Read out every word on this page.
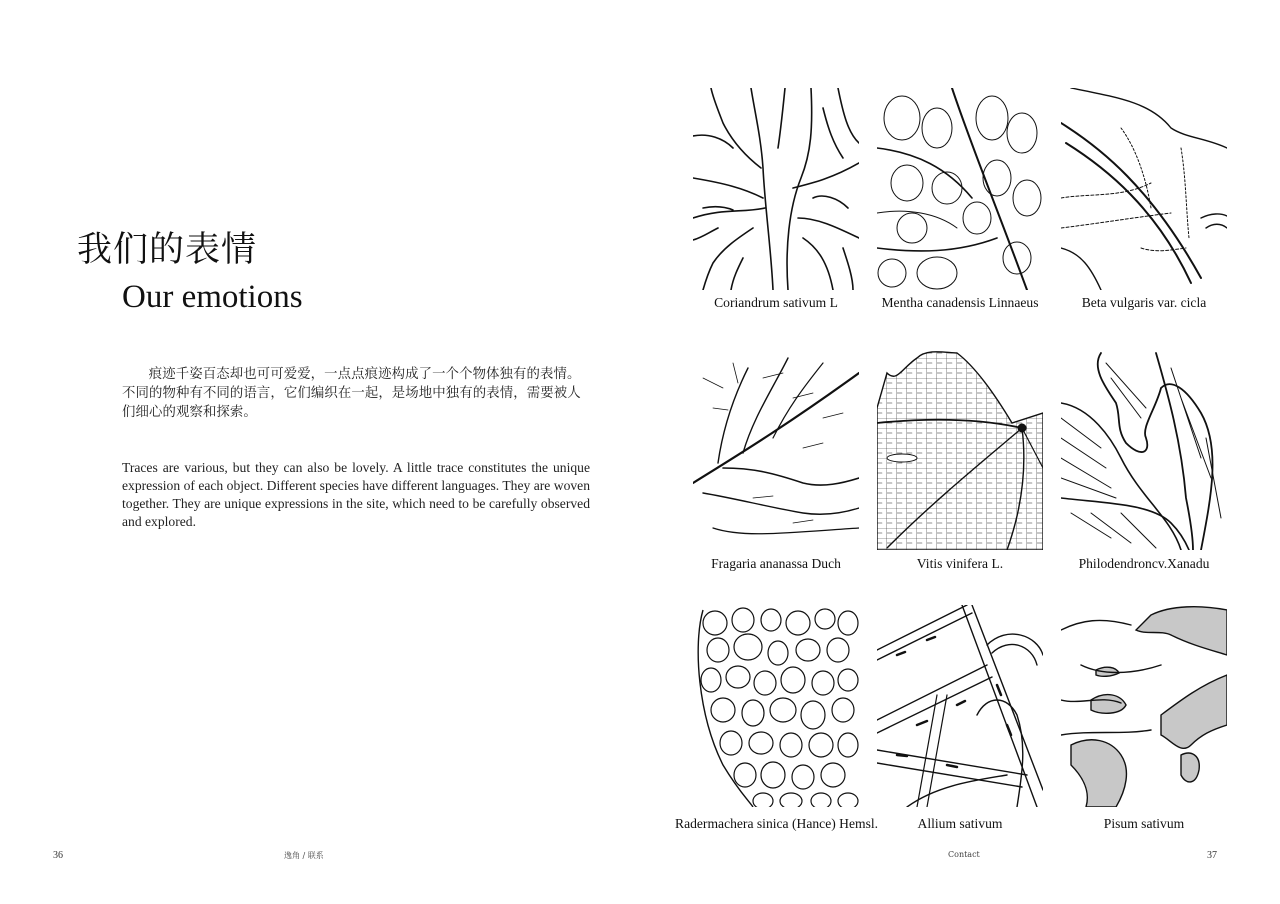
我们的表情
Our emotions

痕迹千姿百态却也可可爱爱，一点点痕迹构成了一个个物体独有的表情。不同的物种有不同的语言，它们编织在一起，是场地中独有的表情，需要被人们细心的观察和探索。

Traces are various, but they can also be lovely. A little trace constitutes the unique expression of each object. Different species have different languages. They are woven together. They are unique expressions in the site, which need to be carefully observed and explored.

36	逸角 / 联系
Coriandrum sativum L	Mentha canadensis Linnaeus	Beta vulgaris var. cicla
Fragaria ananassa Duch	Vitis vinifera L.	Philodendroncv.Xanadu
Radermachera sinica (Hance) Hemsl.	Allium sativum	Pisum sativum
Contact	37
